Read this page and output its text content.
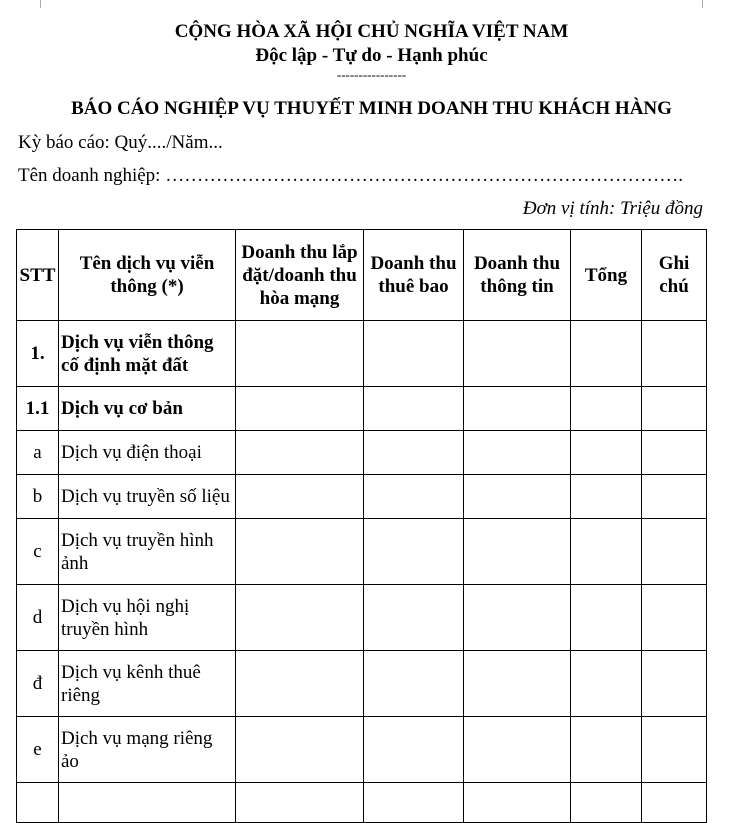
CỘNG HÒA XÃ HỘI CHỦ NGHĨA VIỆT NAM
Độc lập - Tự do - Hạnh phúc
----------------
BÁO CÁO NGHIỆP VỤ THUYẾT MINH DOANH THU KHÁCH HÀNG
Kỳ báo cáo: Quý..../Năm...
Tên doanh nghiệp: ……………………………………………………………………….
Đơn vị tính: Triệu đồng
STT	Tên dịch vụ viễn thông (*)	Doanh thu lắp đặt/doanh thu hòa mạng	Doanh thu thuê bao	Doanh thu thông tin	Tổng	Ghi chú
1.	Dịch vụ viễn thông cố định mặt đất					
1.1	Dịch vụ cơ bản					
a	Dịch vụ điện thoại					
b	Dịch vụ truyền số liệu					
c	Dịch vụ truyền hình ảnh					
d	Dịch vụ hội nghị truyền hình					
đ	Dịch vụ kênh thuê riêng					
e	Dịch vụ mạng riêng ảo					
